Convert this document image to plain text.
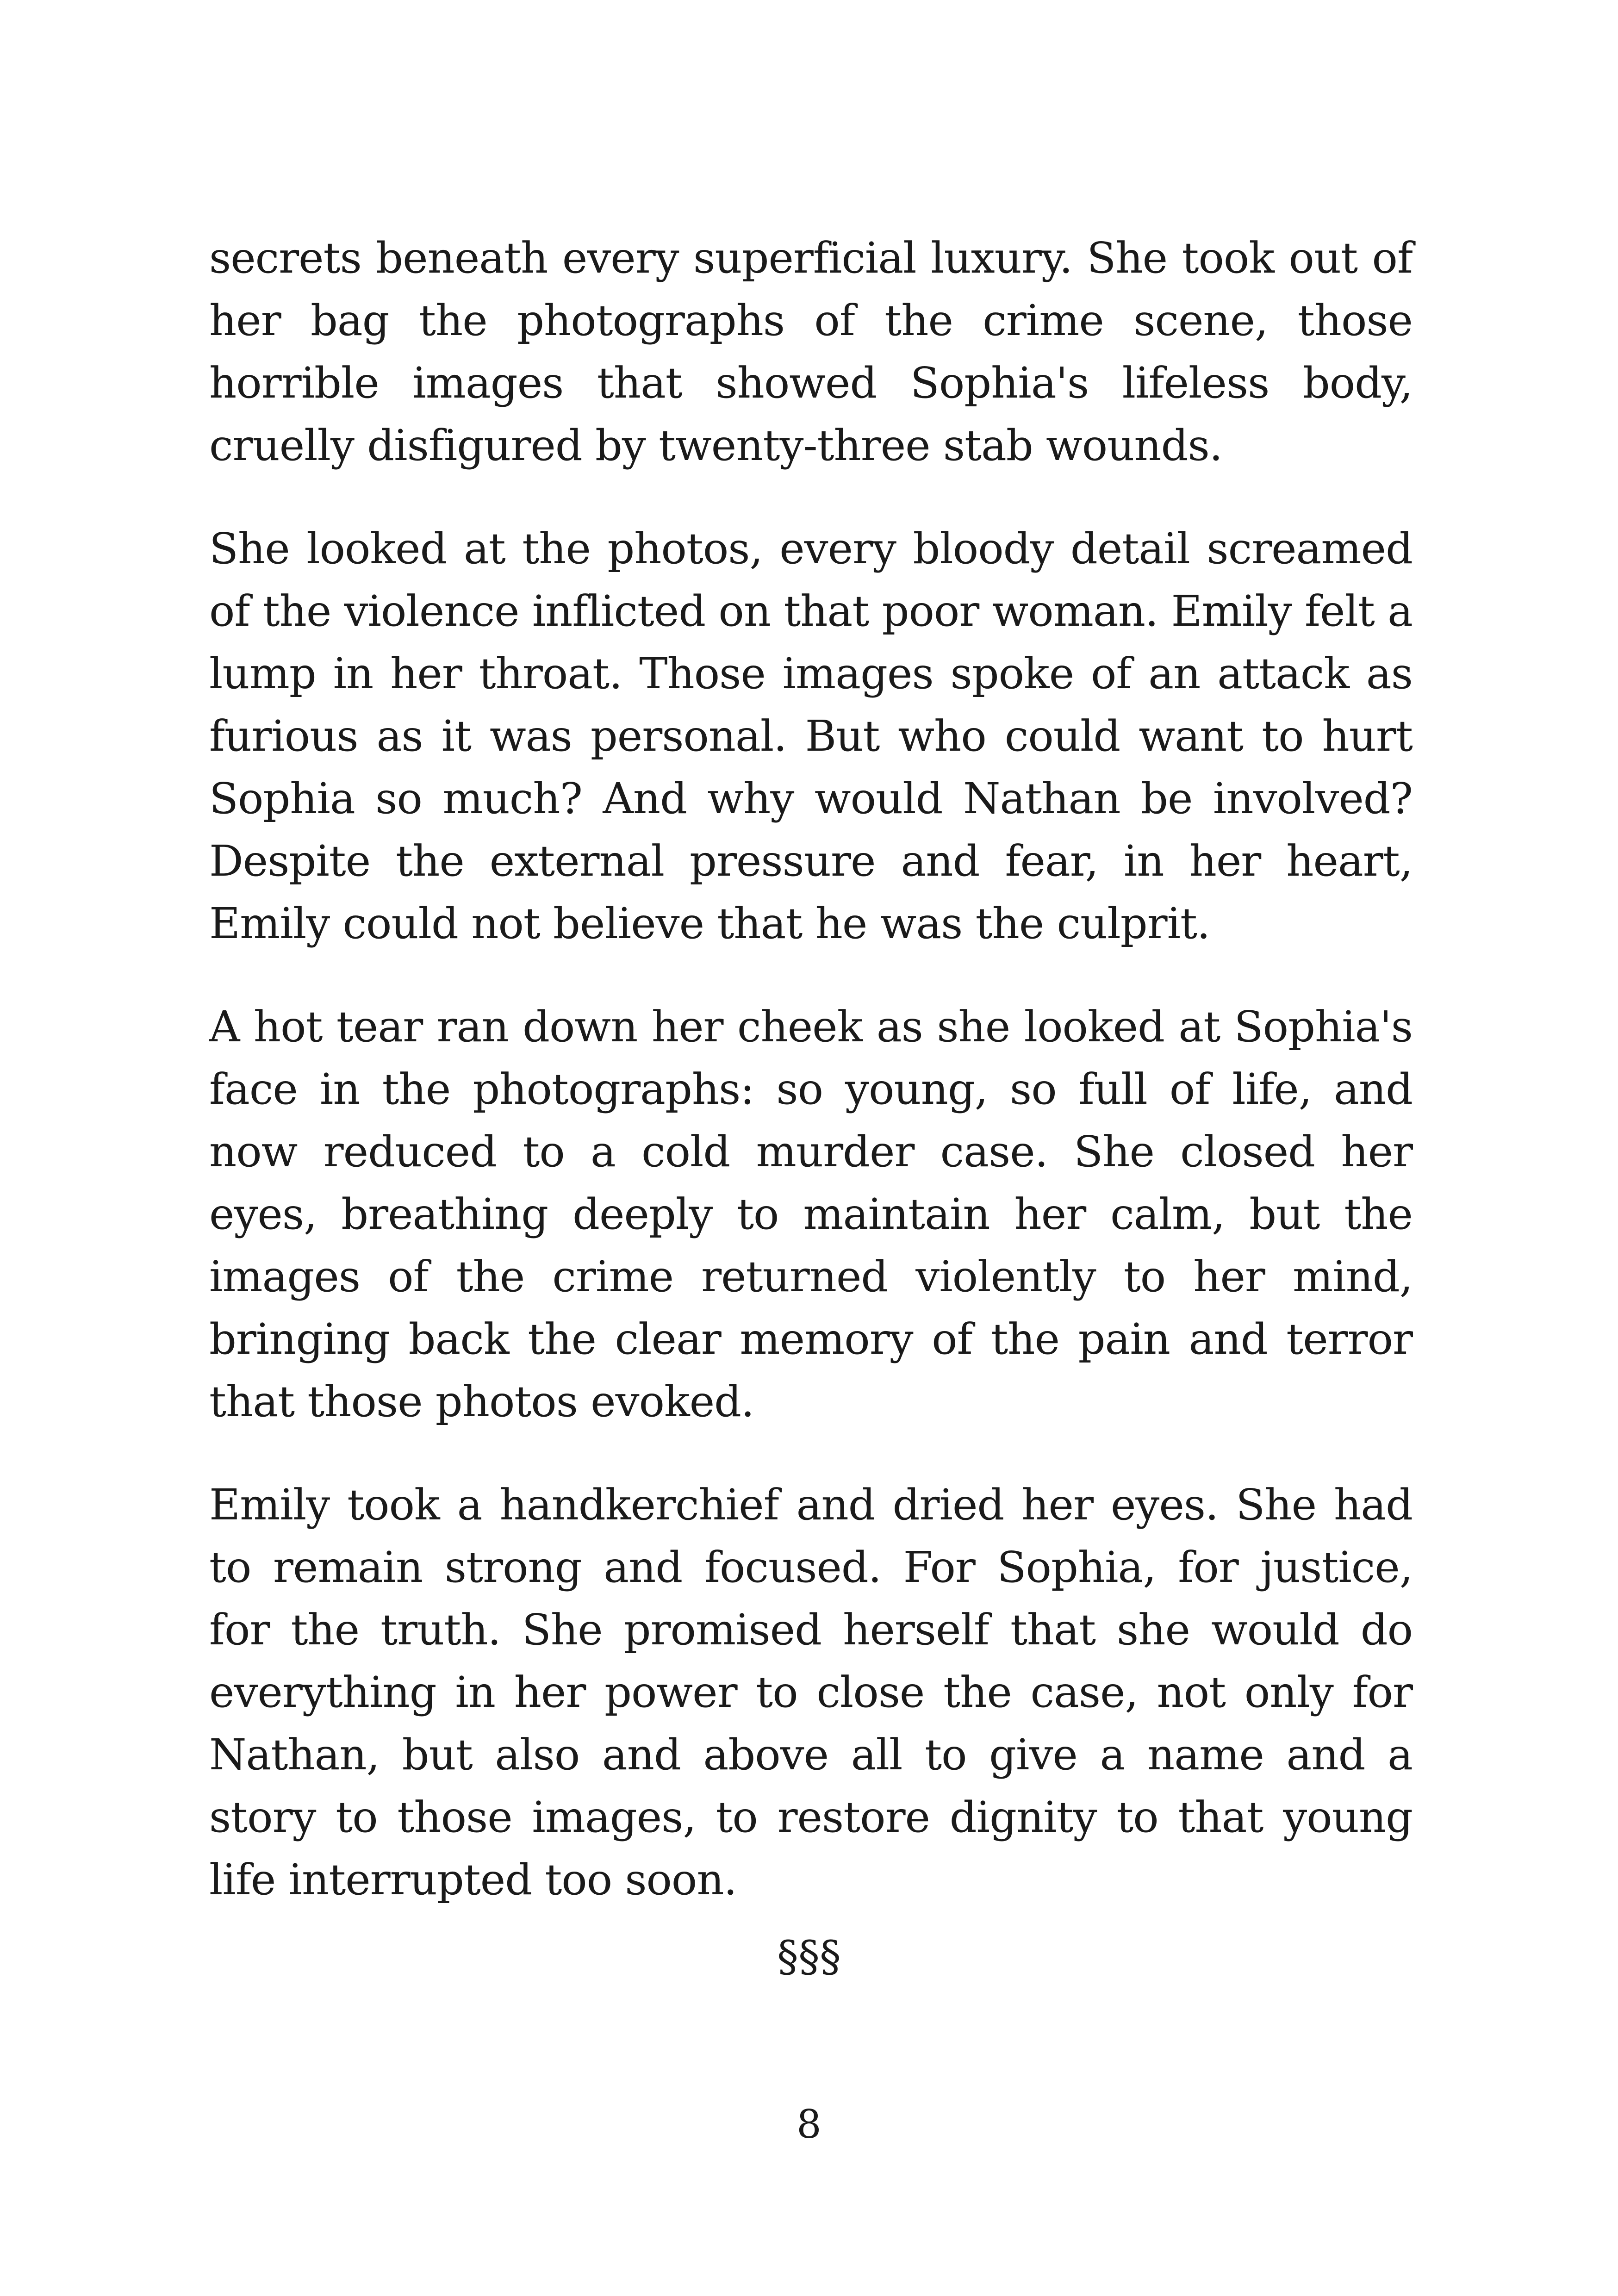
secrets beneath every superficial luxury. She took out of her bag the photographs of the crime scene, those horrible images that showed Sophia's lifeless body, cruelly disfigured by twenty-three stab wounds.

She looked at the photos, every bloody detail screamed of the violence inflicted on that poor woman. Emily felt a lump in her throat. Those images spoke of an attack as furious as it was personal. But who could want to hurt Sophia so much? And why would Nathan be involved? Despite the external pressure and fear, in her heart, Emily could not believe that he was the culprit.

A hot tear ran down her cheek as she looked at Sophia's face in the photographs: so young, so full of life, and now reduced to a cold murder case. She closed her eyes, breathing deeply to maintain her calm, but the images of the crime returned violently to her mind, bringing back the clear memory of the pain and terror that those photos evoked.

Emily took a handkerchief and dried her eyes. She had to remain strong and focused. For Sophia, for justice, for the truth. She promised herself that she would do everything in her power to close the case, not only for Nathan, but also and above all to give a name and a story to those images, to restore dignity to that young life interrupted too soon.

§§§
8
